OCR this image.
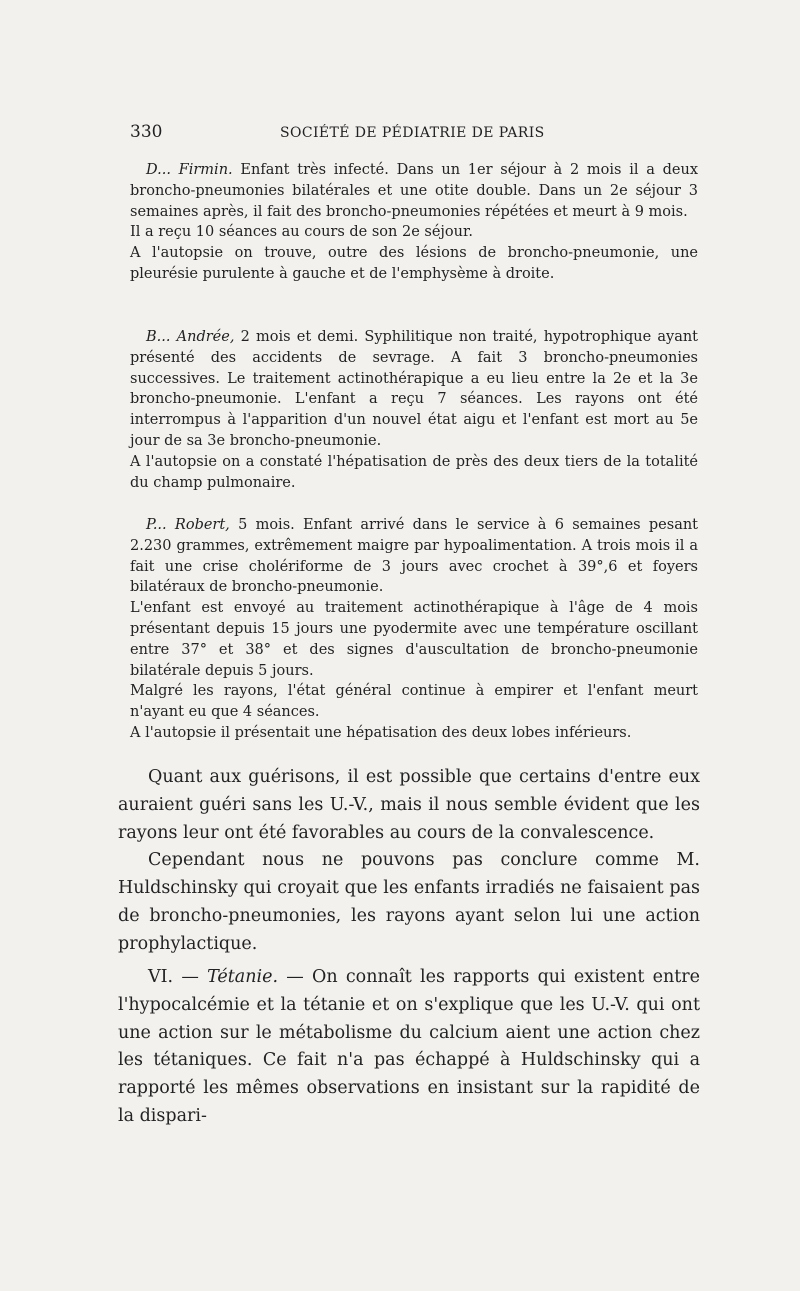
330	SOCIÉTÉ DE PÉDIATRIE DE PARIS

D... Firmin. Enfant très infecté. Dans un 1er séjour à 2 mois il a deux broncho-pneumonies bilatérales et une otite double. Dans un 2e séjour 3 semaines après, il fait des broncho-pneumonies répétées et meurt à 9 mois.

Il a reçu 10 séances au cours de son 2e séjour.

A l'autopsie on trouve, outre des lésions de broncho-pneumonie, une pleurésie purulente à gauche et de l'emphysème à droite.

B... Andrée, 2 mois et demi. Syphilitique non traité, hypotrophique ayant présenté des accidents de sevrage. A fait 3 broncho-pneumonies successives. Le traitement actinothérapique a eu lieu entre la 2e et la 3e broncho-pneumonie. L'enfant a reçu 7 séances. Les rayons ont été interrompus à l'apparition d'un nouvel état aigu et l'enfant est mort au 5e jour de sa 3e broncho-pneumonie.

A l'autopsie on a constaté l'hépatisation de près des deux tiers de la totalité du champ pulmonaire.

P... Robert, 5 mois. Enfant arrivé dans le service à 6 semaines pesant 2.230 grammes, extrêmement maigre par hypoalimentation. A trois mois il a fait une crise cholériforme de 3 jours avec crochet à 39°,6 et foyers bilatéraux de broncho-pneumonie.

L'enfant est envoyé au traitement actinothérapique à l'âge de 4 mois présentant depuis 15 jours une pyodermite avec une température oscillant entre 37° et 38° et des signes d'auscultation de broncho-pneumonie bilatérale depuis 5 jours.

Malgré les rayons, l'état général continue à empirer et l'enfant meurt n'ayant eu que 4 séances.

A l'autopsie il présentait une hépatisation des deux lobes inférieurs.

Quant aux guérisons, il est possible que certains d'entre eux auraient guéri sans les U.-V., mais il nous semble évident que les rayons leur ont été favorables au cours de la convalescence.

Cependant nous ne pouvons pas conclure comme M. Huldschinsky qui croyait que les enfants irradiés ne faisaient pas de broncho-pneumonies, les rayons ayant selon lui une action prophylactique.

VI. — Tétanie. — On connaît les rapports qui existent entre l'hypocalcémie et la tétanie et on s'explique que les U.-V. qui ont une action sur le métabolisme du calcium aient une action chez les tétaniques. Ce fait n'a pas échappé à Huldschinsky qui a rapporté les mêmes observations en insistant sur la rapidité de la dispari-
